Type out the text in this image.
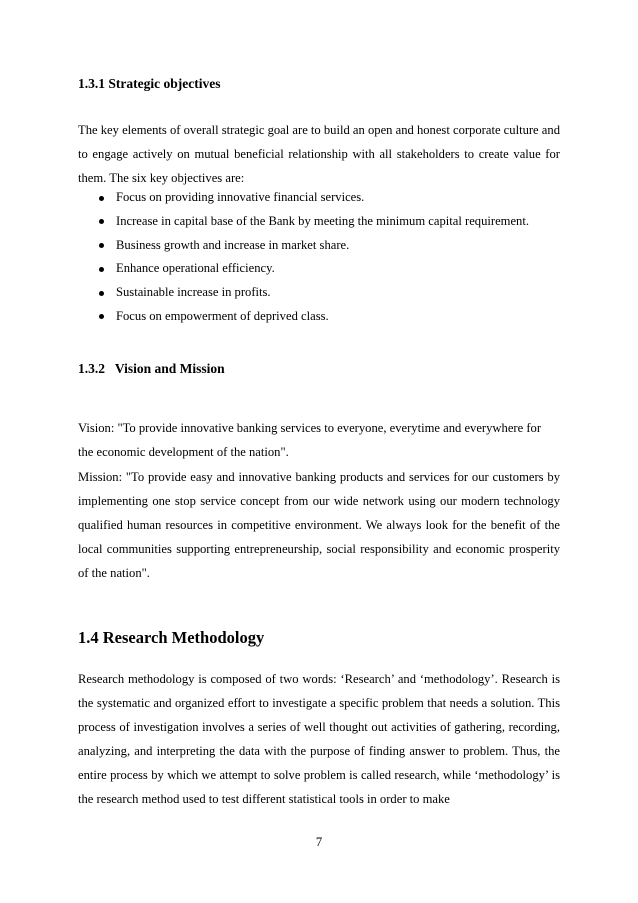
1.3.1 Strategic objectives

The key elements of overall strategic goal are to build an open and honest corporate culture and to engage actively on mutual beneficial relationship with all stakeholders to create value for them. The six key objectives are:

Focus on providing innovative financial services.
Increase in capital base of the Bank by meeting the minimum capital requirement.
Business growth and increase in market share.
Enhance operational efficiency.
Sustainable increase in profits.
Focus on empowerment of deprived class.
1.3.2   Vision and Mission

Vision: "To provide innovative banking services to everyone, everytime and everywhere for the economic development of the nation".

Mission: "To provide easy and innovative banking products and services for our customers by implementing one stop service concept from our wide network using our modern technology qualified human resources in competitive environment. We always look for the benefit of the local communities supporting entrepreneurship, social responsibility and economic prosperity of the nation".

1.4 Research Methodology

Research methodology is composed of two words: ‘Research’ and ‘methodology’. Research is the systematic and organized effort to investigate a specific problem that needs a solution. This process of investigation involves a series of well thought out activities of gathering, recording, analyzing, and interpreting the data with the purpose of finding answer to problem. Thus, the entire process by which we attempt to solve problem is called research, while ‘methodology’ is the research method used to test different statistical tools in order to make

7
